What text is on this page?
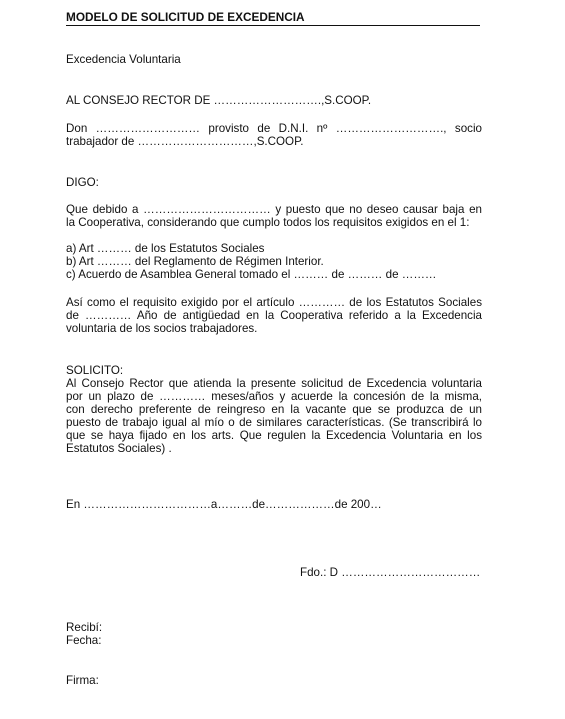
MODELO DE SOLICITUD DE EXCEDENCIA
Excedencia Voluntaria
AL CONSEJO RECTOR DE ……………………….,S.COOP.
Don ……………………… provisto de D.N.I. nº ………………………., socio
trabajador de …………………………,S.COOP.
DIGO:
Que debido a …………………………… y puesto que no deseo causar baja en
la Cooperativa, considerando que cumplo todos los requisitos exigidos en el 1:
a) Art ……… de los Estatutos Sociales
b) Art ……… del Reglamento de Régimen Interior.
c) Acuerdo de Asamblea General tomado el ……… de ……… de ………
Así como el requisito exigido por el artículo ………… de los Estatutos Sociales
de ………… Año de antigüedad en la Cooperativa referido a la Excedencia
voluntaria de los socios trabajadores.
SOLICITO:
Al Consejo Rector que atienda la presente solicitud de Excedencia voluntaria
por un plazo de ………… meses/años y acuerde la concesión de la misma,
con derecho preferente de reingreso en la vacante que se produzca de un
puesto de trabajo igual al mío o de similares características. (Se transcribirá lo
que se haya fijado en los arts. Que regulen la Excedencia Voluntaria en los
Estatutos Sociales) .
En ……………………………a………de………………de 200…
Fdo.: D ………………………………
Recibí:
Fecha:
Firma:
